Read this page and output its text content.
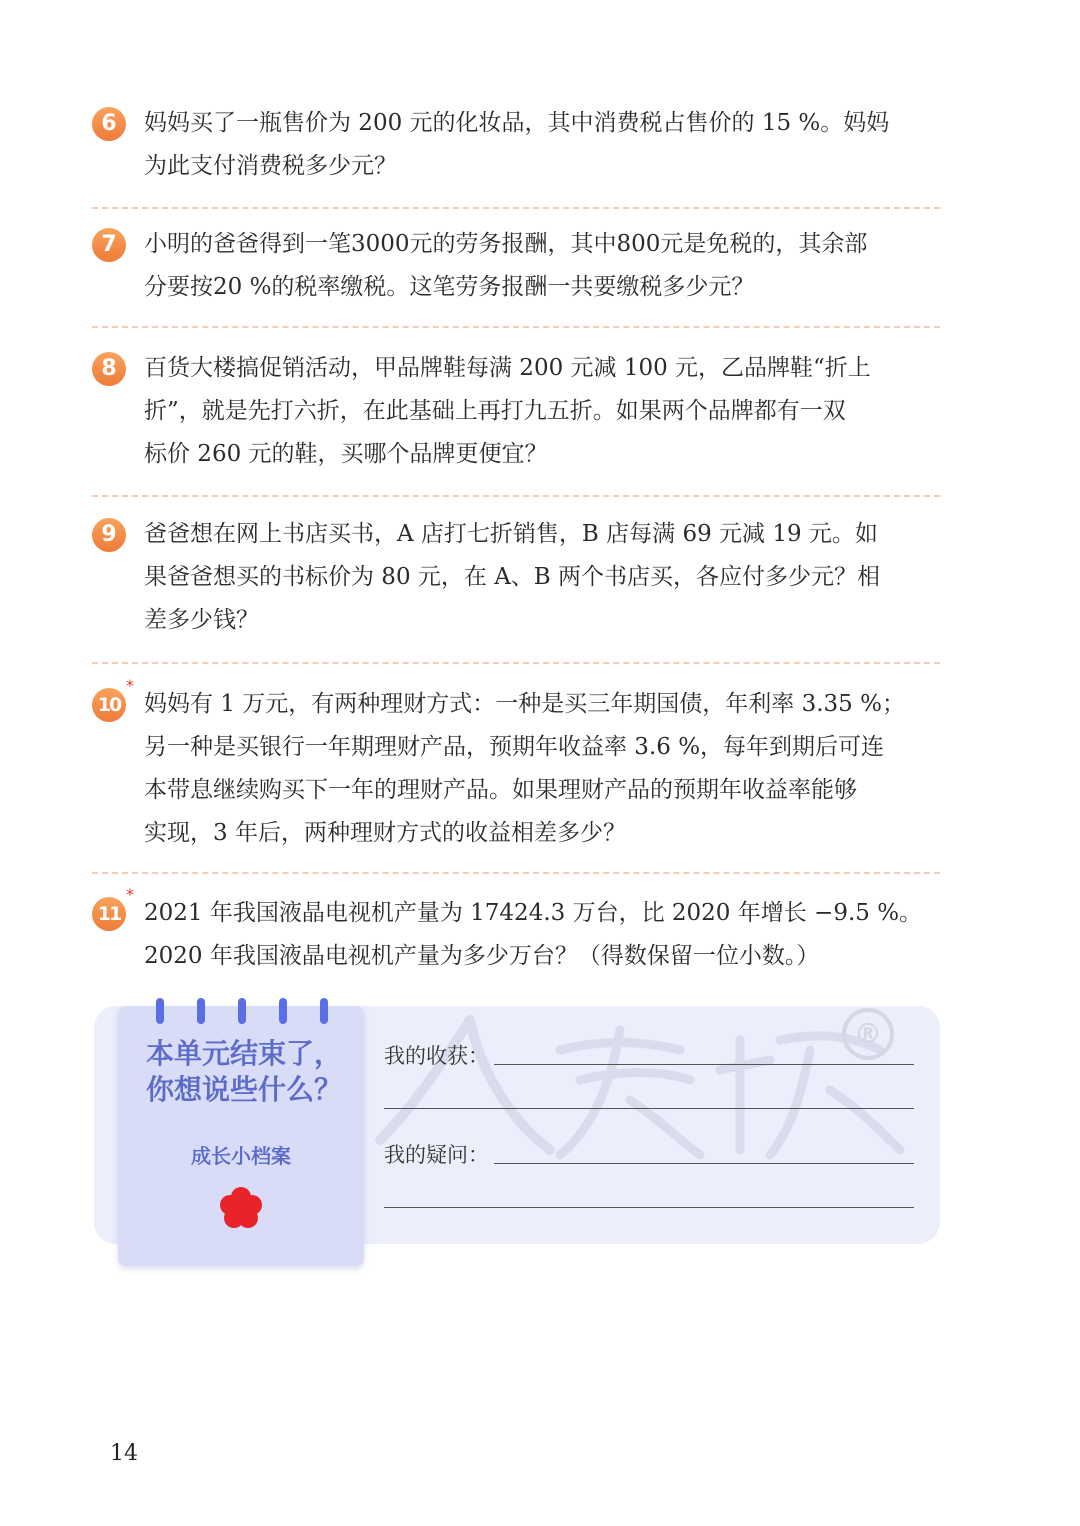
6	妈妈买了一瓶售价为 200 元的化妆品，其中消费税占售价的 15 %。妈妈
为此支付消费税多少元？

7	小明的爸爸得到一笔3000元的劳务报酬，其中800元是免税的，其余部
分要按20 %的税率缴税。这笔劳务报酬一共要缴税多少元？

8	百货大楼搞促销活动，甲品牌鞋每满 200 元减 100 元，乙品牌鞋“折上
折”，就是先打六折，在此基础上再打九五折。如果两个品牌都有一双
标价 260 元的鞋，买哪个品牌更便宜？

9	爸爸想在网上书店买书，A 店打七折销售，B 店每满 69 元减 19 元。如
果爸爸想买的书标价为 80 元，在 A、B 两个书店买，各应付多少元？相
差多少钱？

10
*

妈妈有 1 万元，有两种理财方式：一种是买三年期国债，年利率 3.35 %；
另一种是买银行一年期理财产品，预期年收益率 3.6 %，每年到期后可连
本带息继续购买下一年的理财产品。如果理财产品的预期年收益率能够
实现，3 年后，两种理财方式的收益相差多少？

11
*

2021 年我国液晶电视机产量为 17424.3 万台，比 2020 年增长 −9.5 %。
2020 年我国液晶电视机产量为多少万台？（得数保留一位小数。）

®

本单元结束了，
你想说些什么？

成长小档案
我的收获：
我的疑问：
14
